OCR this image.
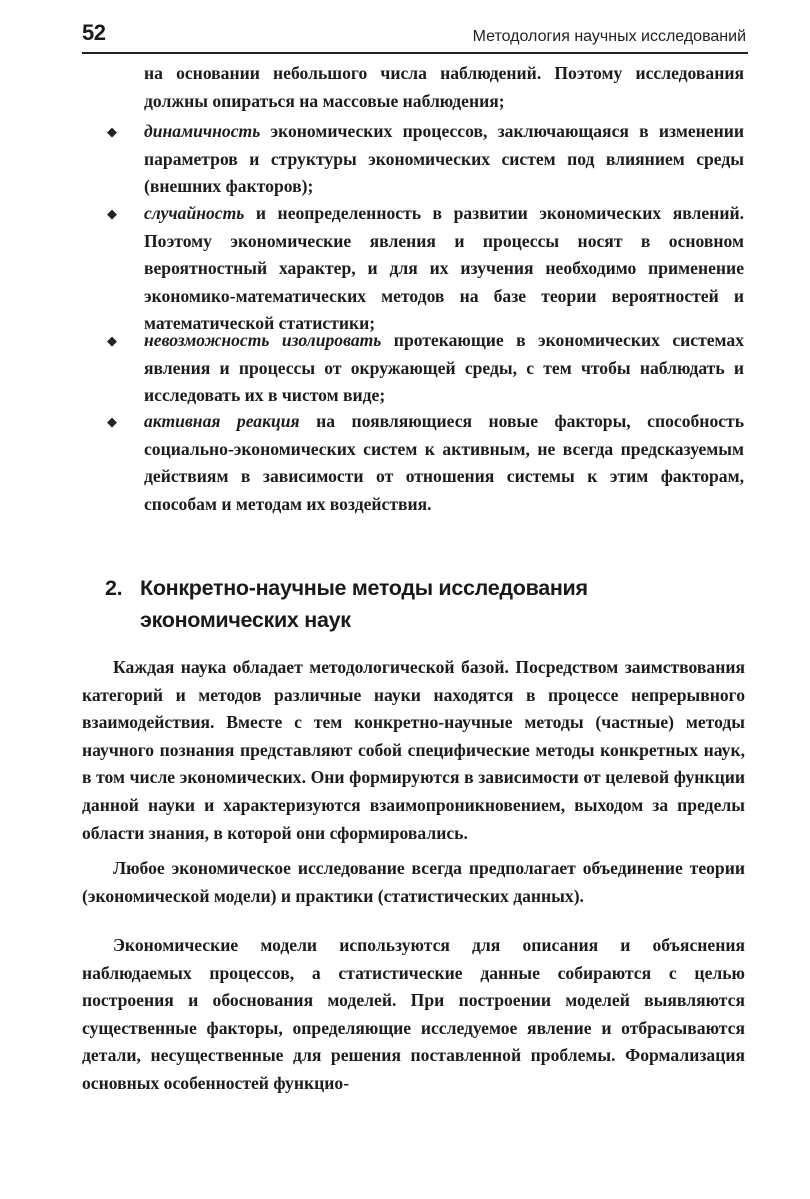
52	Методология научных исследований
на основании небольшого числа наблюдений. Поэтому исследования должны опираться на массовые наблюдения;
◆ динамичность экономических процессов, заключающаяся в изменении параметров и структуры экономических систем под влиянием среды (внешних факторов);
◆ случайность и неопределенность в развитии экономических явлений. Поэтому экономические явления и процессы носят в основном вероятностный характер, и для их изучения необходимо применение экономико-математических методов на базе теории вероятностей и математической статистики;
◆ невозможность изолировать протекающие в экономических системах явления и процессы от окружающей среды, с тем чтобы наблюдать и исследовать их в чистом виде;
◆ активная реакция на появляющиеся новые факторы, способность социально-экономических систем к активным, не всегда предсказуемым действиям в зависимости от отношения системы к этим факторам, способам и методам их воздействия.
2. Конкретно-научные методы исследования
экономических наук
Каждая наука обладает методологической базой. Посредством заимствования категорий и методов различные науки находятся в процессе непрерывного взаимодействия. Вместе с тем конкретно-научные методы (частные) методы научного познания представляют собой специфические методы конкретных наук, в том числе экономических. Они формируются в зависимости от целевой функции данной науки и характеризуются взаимопроникновением, выходом за пределы области знания, в которой они сформировались.
Любое экономическое исследование всегда предполагает объединение теории (экономической модели) и практики (статистических данных).
Экономические модели используются для описания и объяснения наблюдаемых процессов, а статистические данные собираются с целью построения и обоснования моделей. При построении моделей выявляются существенные факторы, определяющие исследуемое явление и отбрасываются детали, несущественные для решения поставленной проблемы. Формализация основных особенностей функцио-
